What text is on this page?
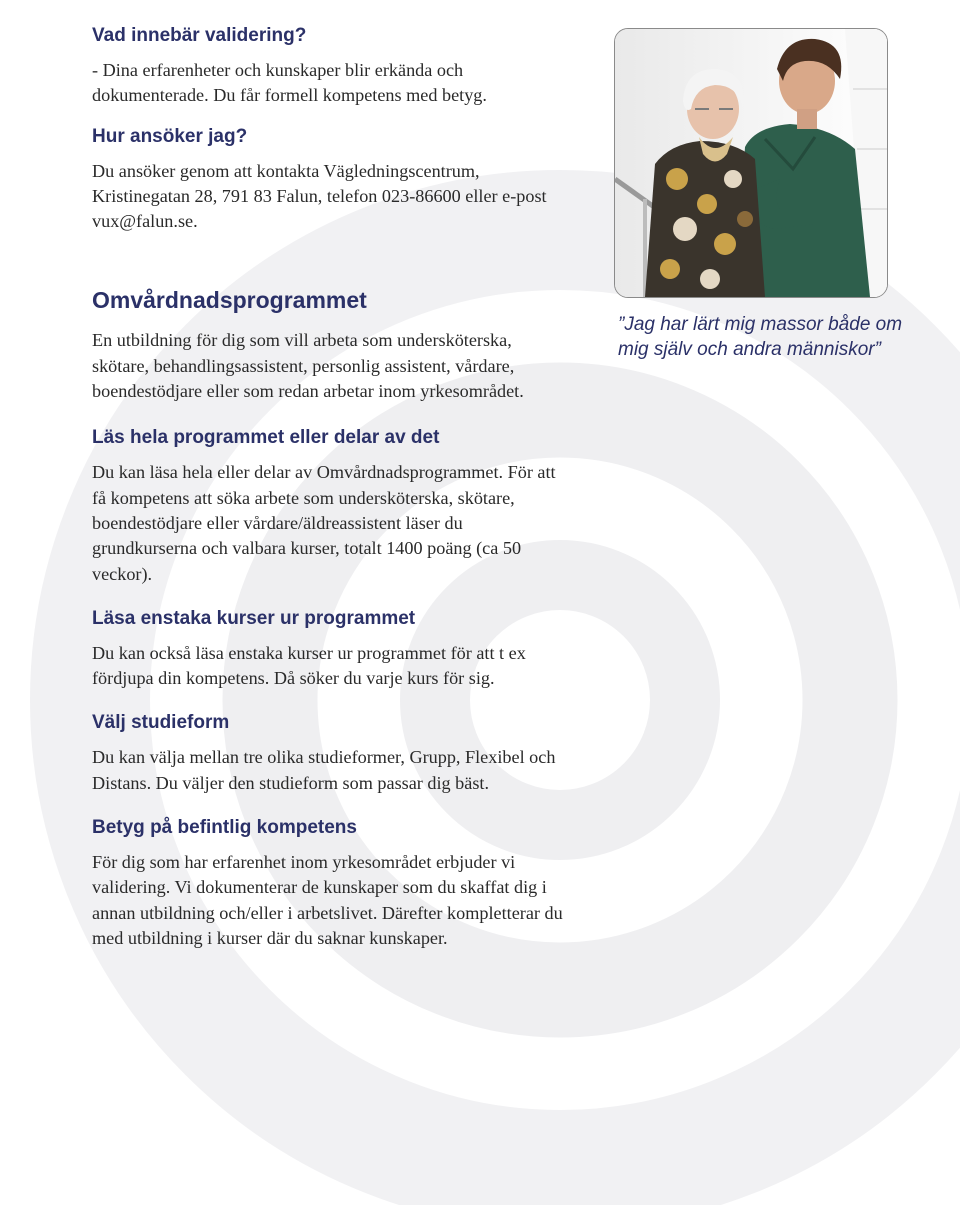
Vad innebär validering?

- Dina erfarenheter och kunskaper blir erkända och dokumenterade. Du får formell kompetens med betyg.

Hur ansöker jag?

Du ansöker genom att kontakta Vägledningscentrum, Kristinegatan 28, 791 83 Falun, telefon 023-86600 eller e-post vux@falun.se.

Omvårdnadsprogrammet

En utbildning för dig som vill arbeta som undersköterska, skötare, behandlingsassistent, personlig assistent, vårdare, boendestödjare eller som redan arbetar inom yrkesområdet.

Läs hela programmet eller delar av det

Du kan läsa hela eller delar av Omvårdnadsprogrammet. För att få kompetens att söka arbete som undersköterska, skötare, boendestödjare eller vårdare/äldreassistent läser du grundkurserna och valbara kurser, totalt 1400 poäng (ca 50 veckor).

Läsa enstaka kurser ur programmet

Du kan också läsa enstaka kurser ur programmet för att t ex fördjupa din kompetens. Då söker du varje kurs för sig.

Välj studieform

Du kan välja mellan tre olika studieformer, Grupp, Flexibel och Distans. Du väljer den studieform som passar dig bäst.

Betyg på befintlig kompetens

För dig som har erfarenhet inom yrkesområdet erbjuder vi validering. Vi dokumenterar de kunskaper som du skaffat dig i annan utbildning och/eller i arbetslivet. Därefter kompletterar du med utbildning i kurser där du saknar kunskaper.

”Jag har lärt mig massor både om mig själv och andra människor”
